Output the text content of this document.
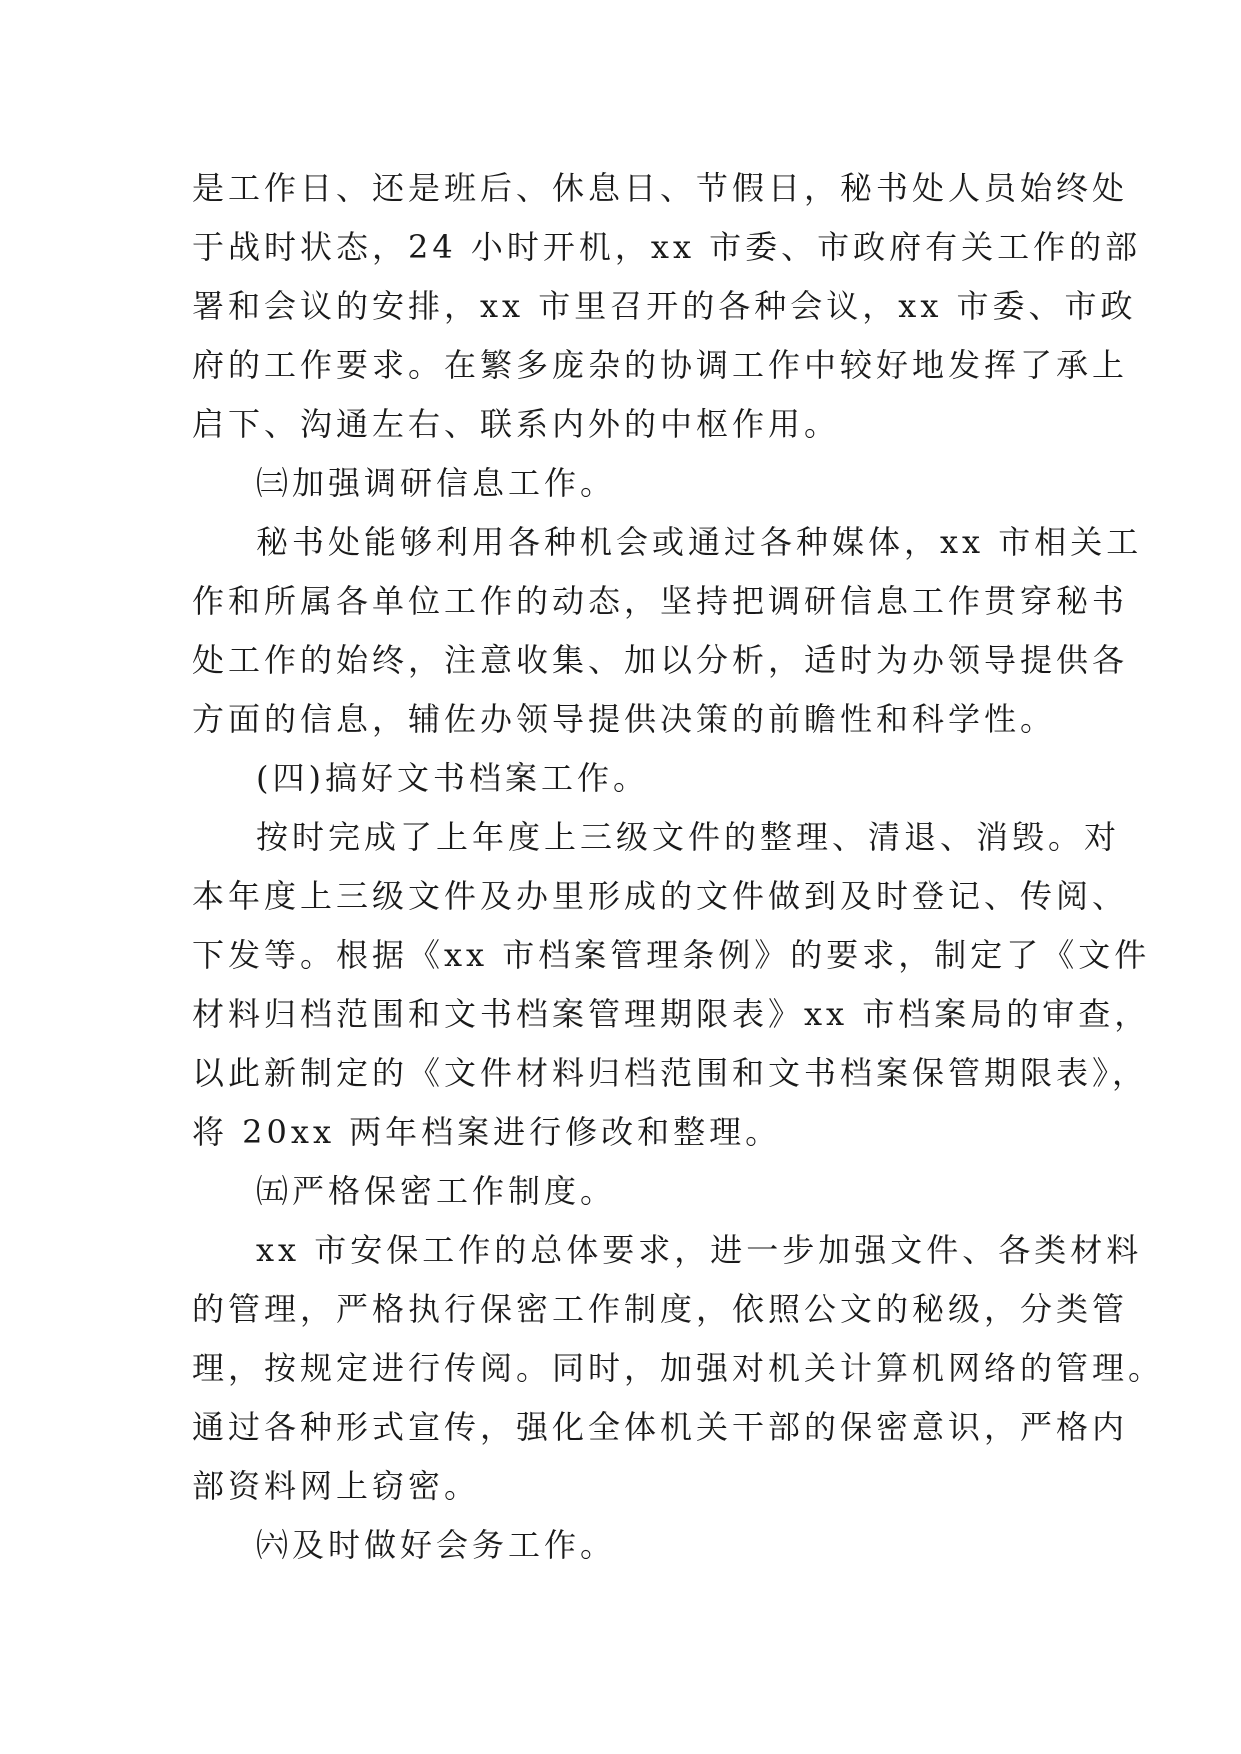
是工作日、还是班后、休息日、节假日，秘书处人员始终处
于战时状态，24 小时开机，xx 市委、市政府有关工作的部
署和会议的安排，xx 市里召开的各种会议，xx 市委、市政
府的工作要求。在繁多庞杂的协调工作中较好地发挥了承上
启下、沟通左右、联系内外的中枢作用。
㈢加强调研信息工作。
秘书处能够利用各种机会或通过各种媒体，xx 市相关工
作和所属各单位工作的动态，坚持把调研信息工作贯穿秘书
处工作的始终，注意收集、加以分析，适时为办领导提供各
方面的信息，辅佐办领导提供决策的前瞻性和科学性。
(四)搞好文书档案工作。
按时完成了上年度上三级文件的整理、清退、消毁。对
本年度上三级文件及办里形成的文件做到及时登记、传阅、
下发等。根据《xx 市档案管理条例》的要求，制定了《文件
材料归档范围和文书档案管理期限表》xx 市档案局的审查，
以此新制定的《文件材料归档范围和文书档案保管期限表》，
将 20xx 两年档案进行修改和整理。
㈤严格保密工作制度。
xx 市安保工作的总体要求，进一步加强文件、各类材料
的管理，严格执行保密工作制度，依照公文的秘级，分类管
理，按规定进行传阅。同时，加强对机关计算机网络的管理。
通过各种形式宣传，强化全体机关干部的保密意识，严格内
部资料网上窃密。
㈥及时做好会务工作。
